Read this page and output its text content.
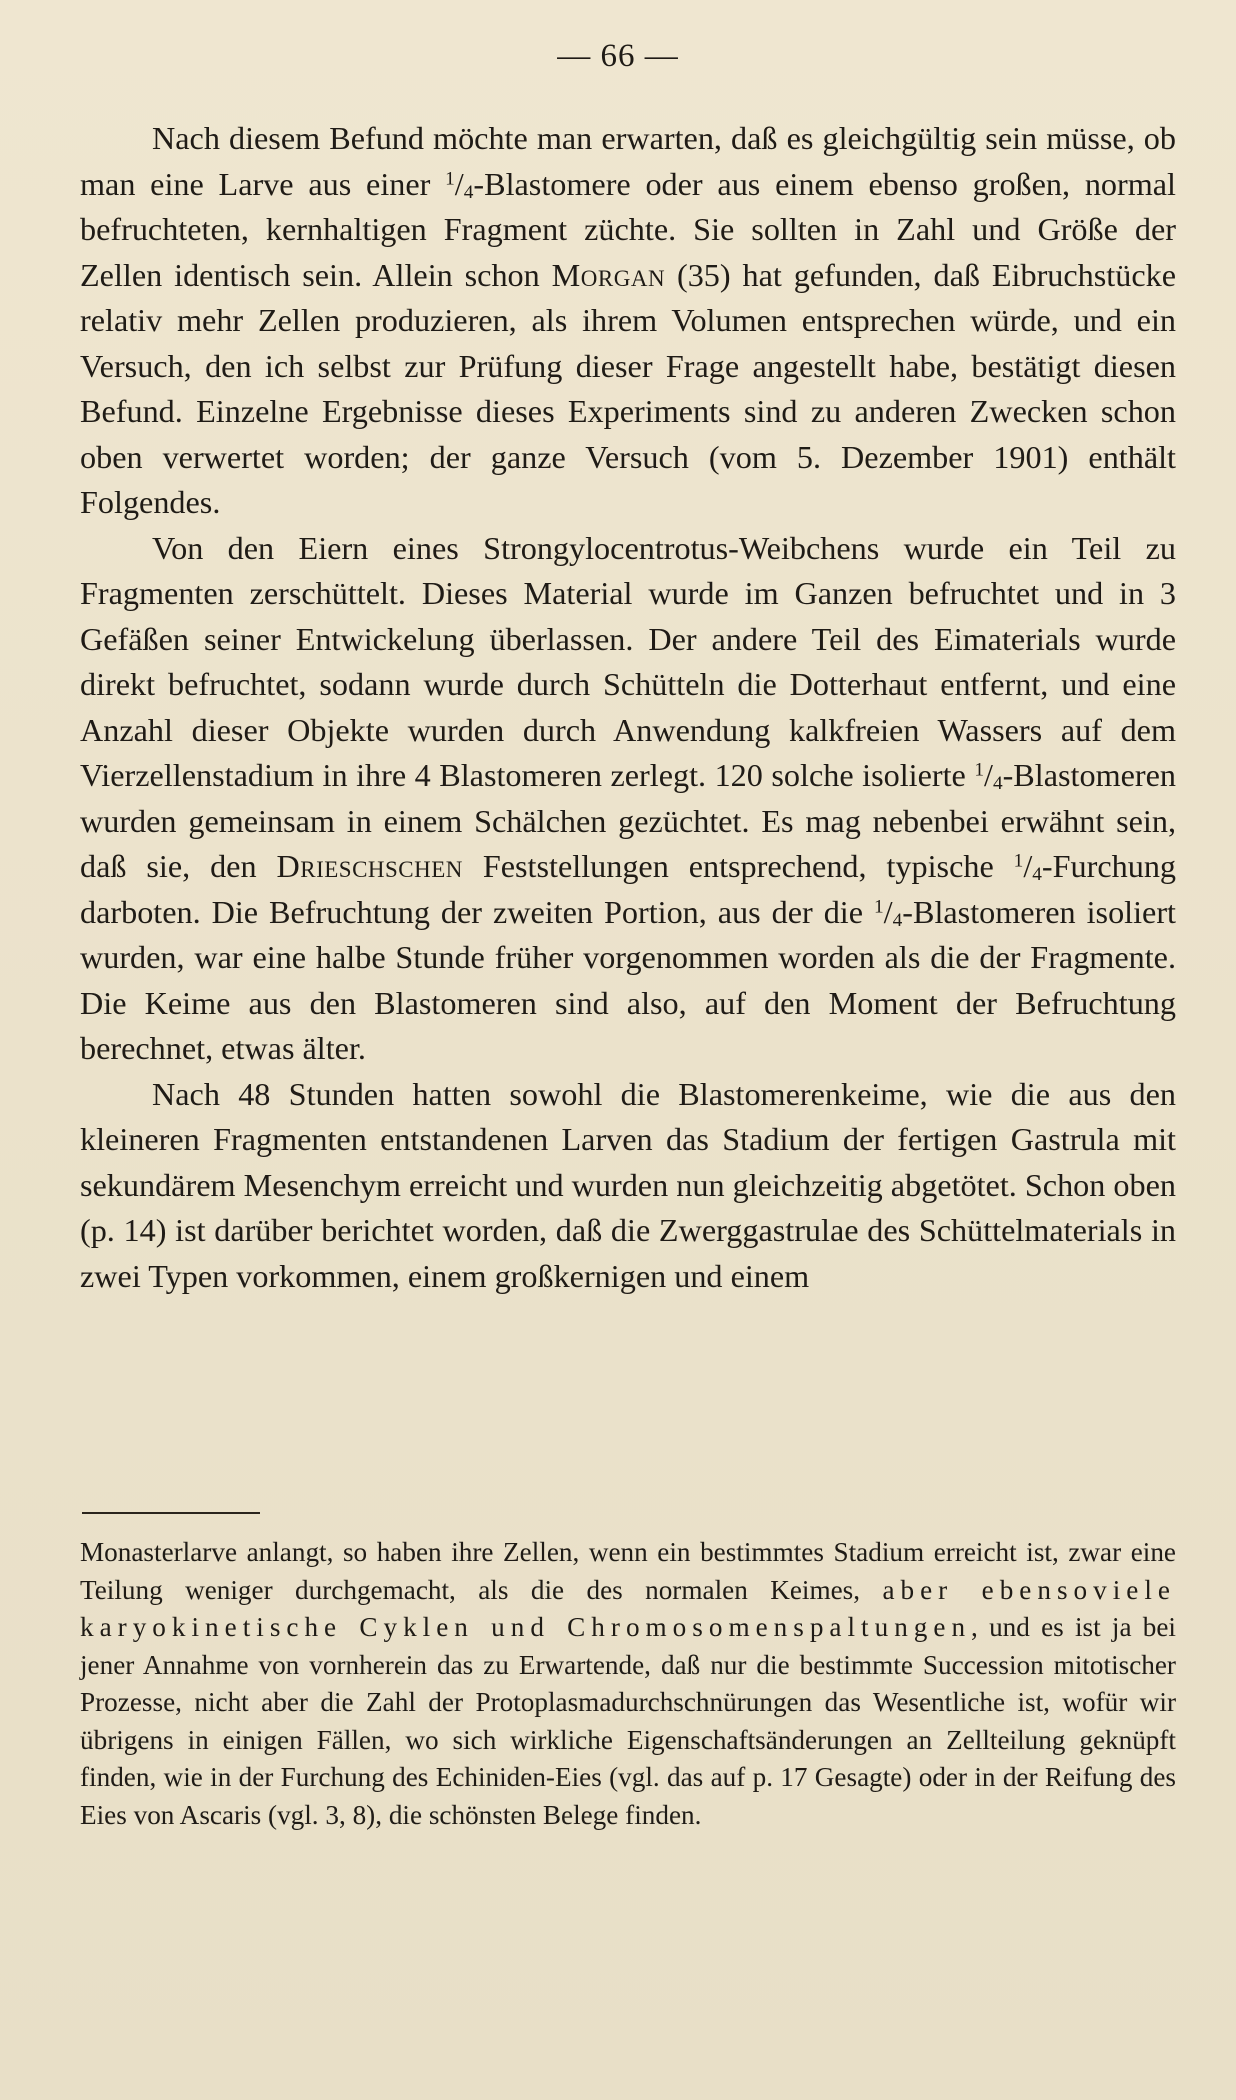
— 66 —

Nach diesem Befund möchte man erwarten, daß es gleichgültig sein müsse, ob man eine Larve aus einer $^1/_4$-Blastomere oder aus einem ebenso großen, normal befruchteten, kernhaltigen Fragment züchte. Sie sollten in Zahl und Größe der Zellen identisch sein. Allein schon Morgan (35) hat gefunden, daß Eibruchstücke relativ mehr Zellen produzieren, als ihrem Volumen entsprechen würde, und ein Versuch, den ich selbst zur Prüfung dieser Frage angestellt habe, bestätigt diesen Befund. Einzelne Ergebnisse dieses Experiments sind zu anderen Zwecken schon oben verwertet worden; der ganze Versuch (vom 5. Dezember 1901) enthält Folgendes.

Von den Eiern eines Strongylocentrotus-Weibchens wurde ein Teil zu Fragmenten zerschüttelt. Dieses Material wurde im Ganzen befruchtet und in 3 Gefäßen seiner Entwickelung überlassen. Der andere Teil des Eimaterials wurde direkt befruchtet, sodann wurde durch Schütteln die Dotterhaut entfernt, und eine Anzahl dieser Objekte wurden durch Anwendung kalkfreien Wassers auf dem Vierzellenstadium in ihre 4 Blastomeren zerlegt. 120 solche isolierte $^1/_4$-Blastomeren wurden gemeinsam in einem Schälchen gezüchtet. Es mag nebenbei erwähnt sein, daß sie, den Drieschschen Feststellungen entsprechend, typische $^1/_4$-Furchung darboten. Die Befruchtung der zweiten Portion, aus der die $^1/_4$-Blastomeren isoliert wurden, war eine halbe Stunde früher vorgenommen worden als die der Fragmente. Die Keime aus den Blastomeren sind also, auf den Moment der Befruchtung berechnet, etwas älter.

Nach 48 Stunden hatten sowohl die Blastomerenkeime, wie die aus den kleineren Fragmenten entstandenen Larven das Stadium der fertigen Gastrula mit sekundärem Mesenchym erreicht und wurden nun gleichzeitig abgetötet. Schon oben (p. 14) ist darüber berichtet worden, daß die Zwerggastrulae des Schüttelmaterials in zwei Typen vorkommen, einem großkernigen und einem

Monasterlarve anlangt, so haben ihre Zellen, wenn ein bestimmtes Stadium erreicht ist, zwar eine Teilung weniger durchgemacht, als die des normalen Keimes, aber ebensoviele karyokinetische Cyklen und Chromosomenspaltungen, und es ist ja bei jener Annahme von vornherein das zu Erwartende, daß nur die bestimmte Succession mitotischer Prozesse, nicht aber die Zahl der Protoplasmadurchschnürungen das Wesentliche ist, wofür wir übrigens in einigen Fällen, wo sich wirkliche Eigenschaftsänderungen an Zellteilung geknüpft finden, wie in der Furchung des Echiniden-Eies (vgl. das auf p. 17 Gesagte) oder in der Reifung des Eies von Ascaris (vgl. 3, 8), die schönsten Belege finden.
